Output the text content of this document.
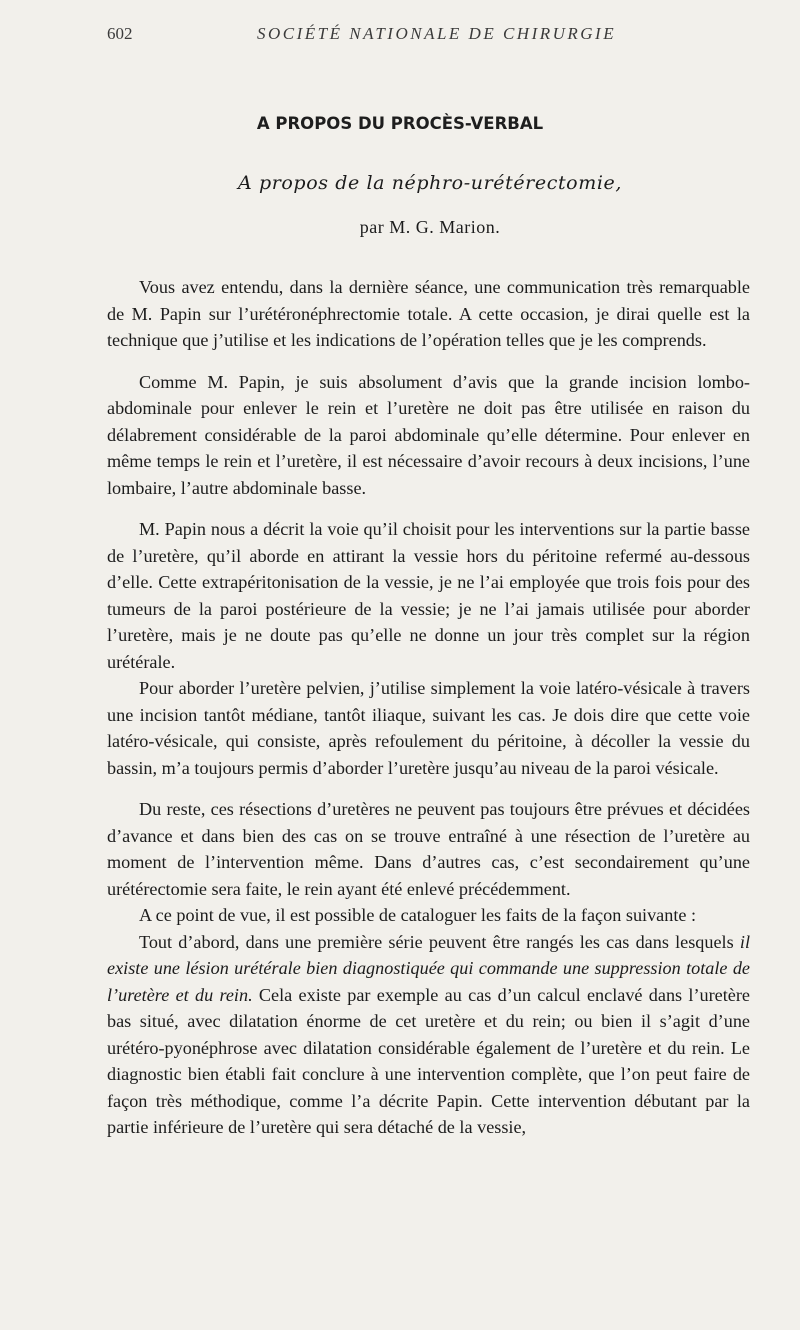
602	SOCIÉTÉ NATIONALE DE CHIRURGIE
A PROPOS DU PROCÈS-VERBAL
A propos de la néphro-urétérectomie,
par M. G. Marion.

Vous avez entendu, dans la dernière séance, une communication très remarquable de M. Papin sur l’urétéronéphrectomie totale. A cette occasion, je dirai quelle est la technique que j’utilise et les indications de l’opération telles que je les comprends.

Comme M. Papin, je suis absolument d’avis que la grande incision lombo-abdominale pour enlever le rein et l’uretère ne doit pas être utilisée en raison du délabrement considérable de la paroi abdominale qu’elle détermine. Pour enlever en même temps le rein et l’uretère, il est nécessaire d’avoir recours à deux incisions, l’une lombaire, l’autre abdominale basse.

M. Papin nous a décrit la voie qu’il choisit pour les interventions sur la partie basse de l’uretère, qu’il aborde en attirant la vessie hors du péritoine refermé au-dessous d’elle. Cette extrapéritonisation de la vessie, je ne l’ai employée que trois fois pour des tumeurs de la paroi postérieure de la vessie; je ne l’ai jamais utilisée pour aborder l’uretère, mais je ne doute pas qu’elle ne donne un jour très complet sur la région urétérale.

Pour aborder l’uretère pelvien, j’utilise simplement la voie latéro-vésicale à travers une incision tantôt médiane, tantôt iliaque, suivant les cas. Je dois dire que cette voie latéro-vésicale, qui consiste, après refoulement du péritoine, à décoller la vessie du bassin, m’a toujours permis d’aborder l’uretère jusqu’au niveau de la paroi vésicale.

Du reste, ces résections d’uretères ne peuvent pas toujours être prévues et décidées d’avance et dans bien des cas on se trouve entraîné à une résection de l’uretère au moment de l’intervention même. Dans d’autres cas, c’est secondairement qu’une urétérectomie sera faite, le rein ayant été enlevé précédemment.

A ce point de vue, il est possible de cataloguer les faits de la façon suivante :

Tout d’abord, dans une première série peuvent être rangés les cas dans lesquels il existe une lésion urétérale bien diagnostiquée qui commande une suppression totale de l’uretère et du rein. Cela existe par exemple au cas d’un calcul enclavé dans l’uretère bas situé, avec dilatation énorme de cet uretère et du rein; ou bien il s’agit d’une urétéro-pyonéphrose avec dilatation considérable également de l’uretère et du rein. Le diagnostic bien établi fait conclure à une intervention complète, que l’on peut faire de façon très méthodique, comme l’a décrite Papin. Cette intervention débutant par la partie inférieure de l’uretère qui sera détaché de la vessie,
